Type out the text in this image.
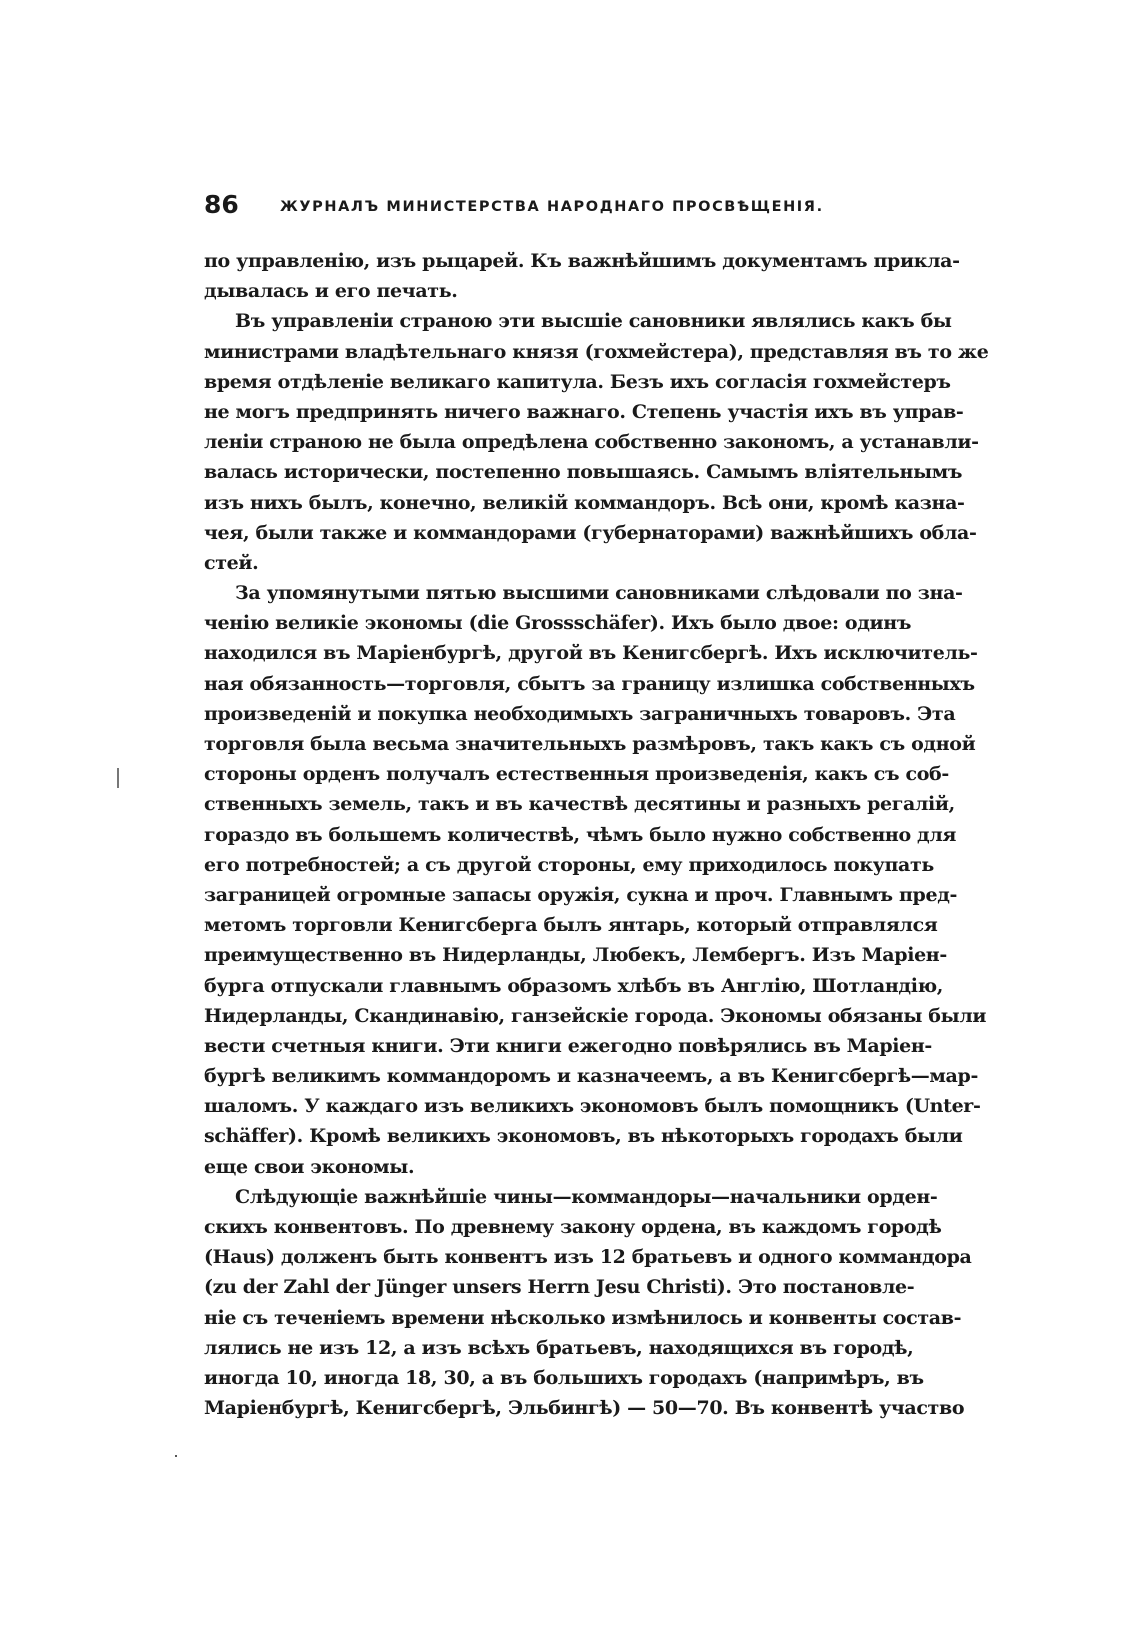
86	ЖУРНАЛЪ МИНИСТЕРСТВА НАРОДНАГО ПРОСВѢЩЕНІЯ.
по управленію, изъ рыцарей. Къ важнѣйшимъ документамъ прикла-
дывалась и его печать.
Въ управленіи страною эти высшіе сановники являлись какъ бы
министрами владѣтельнаго князя (гохмейстера), представляя въ то же
время отдѣленіе великаго капитула. Безъ ихъ согласія гохмейстеръ
не могъ предпринять ничего важнаго. Степень участія ихъ въ управ-
леніи страною не была опредѣлена собственно закономъ, а устанавли-
валась исторически, постепенно повышаясь. Самымъ вліятельнымъ
изъ нихъ былъ, конечно, великій коммандоръ. Всѣ они, кромѣ казна-
чея, были также и коммандорами (губернаторами) важнѣйшихъ обла-
стей.
За упомянутыми пятью высшими сановниками слѣдовали по зна-
ченію великіе экономы (die Grossschäfer). Ихъ было двое: одинъ
находился въ Маріенбургѣ, другой въ Кенигсбергѣ. Ихъ исключитель-
ная обязанность—торговля, сбытъ за границу излишка собственныхъ
произведеній и покупка необходимыхъ заграничныхъ товаровъ. Эта
торговля была весьма значительныхъ размѣровъ, такъ какъ съ одной
стороны орденъ получалъ естественныя произведенія, какъ съ соб-
ственныхъ земель, такъ и въ качествѣ десятины и разныхъ регалій,
гораздо въ большемъ количествѣ, чѣмъ было нужно собственно для
его потребностей; а съ другой стороны, ему приходилось покупать
заграницей огромные запасы оружія, сукна и проч. Главнымъ пред-
метомъ торговли Кенигсберга былъ янтарь, который отправлялся
преимущественно въ Нидерланды, Любекъ, Лембергъ. Изъ Маріен-
бурга отпускали главнымъ образомъ хлѣбъ въ Англію, Шотландію,
Нидерланды, Скандинавію, ганзейскіе города. Экономы обязаны были
вести счетныя книги. Эти книги ежегодно повѣрялись въ Маріен-
бургѣ великимъ коммандоромъ и казначеемъ, а въ Кенигсбергѣ—мар-
шаломъ. У каждаго изъ великихъ экономовъ былъ помощникъ (Unter-
schäffer). Кромѣ великихъ экономовъ, въ нѣкоторыхъ городахъ были
еще свои экономы.
Слѣдующіе важнѣйшіе чины—коммандоры—начальники орден-
скихъ конвентовъ. По древнему закону ордена, въ каждомъ городѣ
(Haus) долженъ быть конвентъ изъ 12 братьевъ и одного коммандора
(zu der Zahl der Jünger unsers Herrn Jesu Christi). Это постановле-
ніе съ теченіемъ времени нѣсколько измѣнилось и конвенты состав-
лялись не изъ 12, а изъ всѣхъ братьевъ, находящихся въ городѣ,
иногда 10, иногда 18, 30, а въ большихъ городахъ (напримѣръ, въ
Маріенбургѣ, Кенигсбергѣ, Эльбингѣ) — 50—70. Въ конвентѣ участво
